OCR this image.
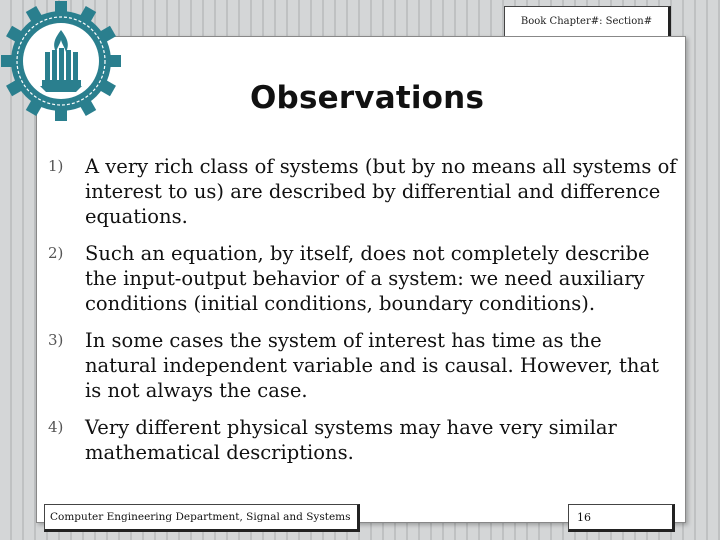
Book Chapter#: Section#
Observations
1)	A very rich class of systems (but by no means all systems of interest to us) are described by differential and difference equations.
2)	Such an equation, by itself, does not completely describe the input-output behavior of a system: we need auxiliary conditions (initial conditions, boundary conditions).
3)	In some cases the system of interest has time as the natural independent variable and is causal. However, that is not always the case.
4)	Very different physical systems may have very similar mathematical descriptions.
Computer Engineering Department, Signal and Systems	16
